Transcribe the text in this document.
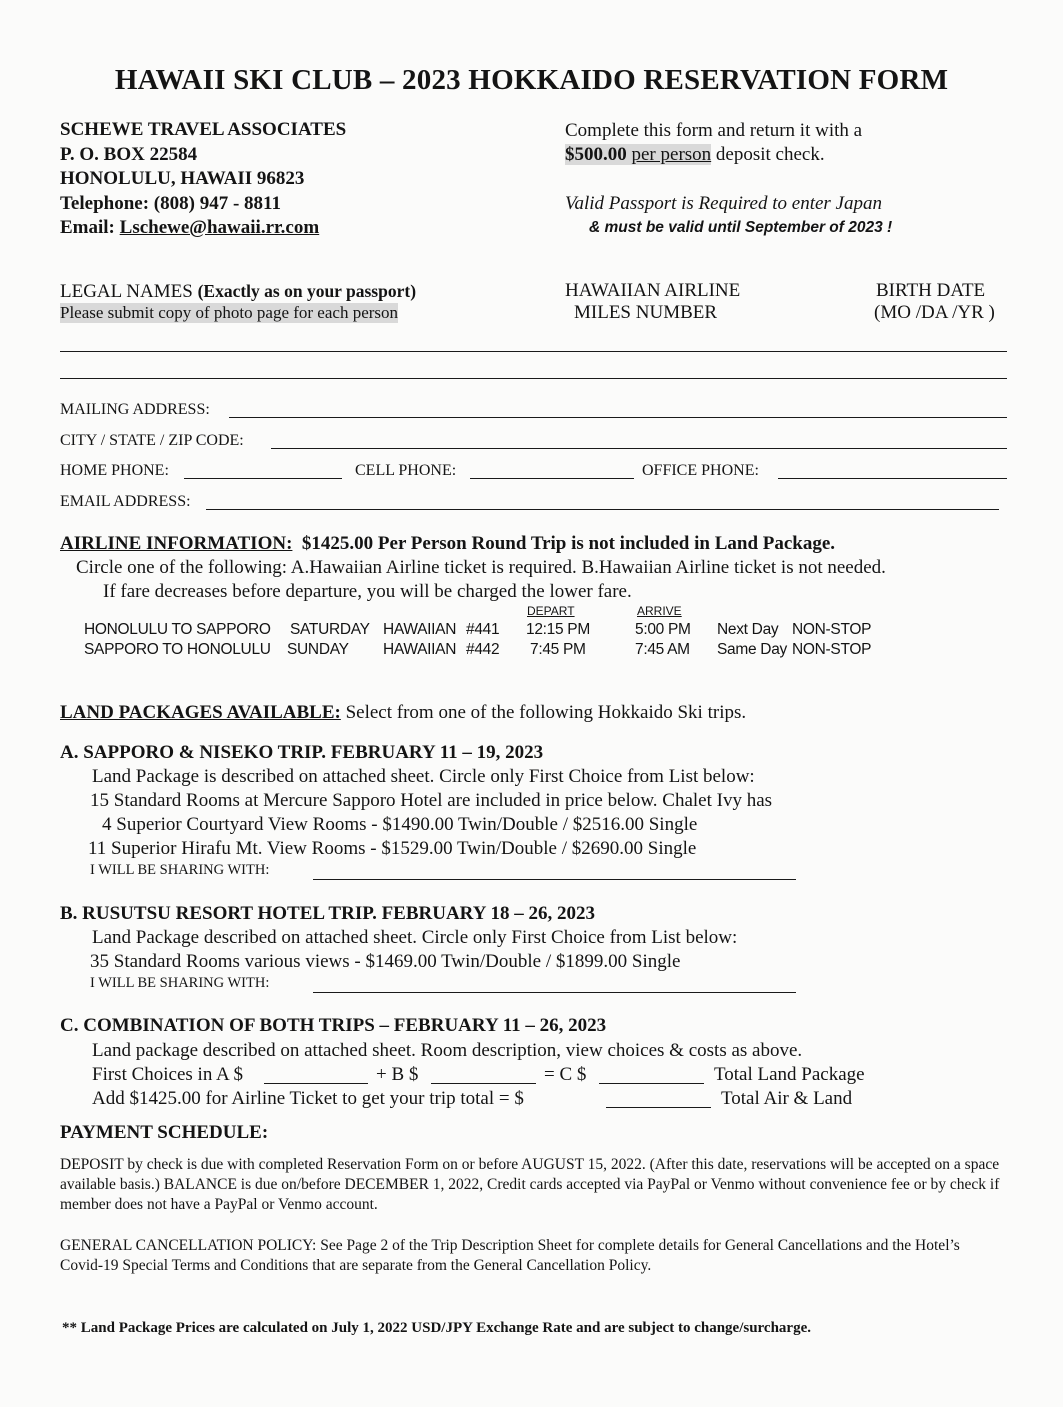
HAWAII SKI CLUB – 2023 HOKKAIDO RESERVATION FORM
SCHEWE TRAVEL ASSOCIATES
P. O. BOX 22584
HONOLULU, HAWAII 96823
Telephone: (808) 947 - 8811
Email: Lschewe@hawaii.rr.com
Complete this form and return it with a
$500.00 per person deposit check.
Valid Passport is Required to enter Japan
& must be valid until September of 2023 !
LEGAL NAMES (Exactly as on your passport)
Please submit copy of photo page for each person
HAWAIIAN AIRLINE
MILES NUMBER
BIRTH DATE
(MO /DA /YR )
MAILING ADDRESS:
CITY / STATE / ZIP CODE:
HOME PHONE:	CELL PHONE:	OFFICE PHONE:
EMAIL ADDRESS:
AIRLINE INFORMATION: $1425.00 Per Person Round Trip is not included in Land Package.
Circle one of the following: A.Hawaiian Airline ticket is required. B.Hawaiian Airline ticket is not needed.
If fare decreases before departure, you will be charged the lower fare.
DEPART	ARRIVE
HONOLULU TO SAPPORO SATURDAY HAWAIIAN #441 12:15 PM	5:00 PM Next Day NON-STOP
SAPPORO TO HONOLULU SUNDAY HAWAIIAN #442 7:45 PM	7:45 AM Same Day NON-STOP
LAND PACKAGES AVAILABLE: Select from one of the following Hokkaido Ski trips.
A. SAPPORO & NISEKO TRIP. FEBRUARY 11 – 19, 2023
Land Package is described on attached sheet. Circle only First Choice from List below:
15 Standard Rooms at Mercure Sapporo Hotel are included in price below. Chalet Ivy has
4 Superior Courtyard View Rooms - $1490.00 Twin/Double / $2516.00 Single
11 Superior Hirafu Mt. View Rooms - $1529.00 Twin/Double / $2690.00 Single
I WILL BE SHARING WITH:
B. RUSUTSU RESORT HOTEL TRIP. FEBRUARY 18 – 26, 2023
Land Package described on attached sheet. Circle only First Choice from List below:
35 Standard Rooms various views - $1469.00 Twin/Double / $1899.00 Single
I WILL BE SHARING WITH:
C. COMBINATION OF BOTH TRIPS – FEBRUARY 11 – 26, 2023
Land package described on attached sheet. Room description, view choices & costs as above.
First Choices in A $	+ B $	= C $	Total Land Package
Add $1425.00 for Airline Ticket to get your trip total = $	Total Air & Land
PAYMENT SCHEDULE:
DEPOSIT by check is due with completed Reservation Form on or before AUGUST 15, 2022. (After this date, reservations will be accepted on a space available basis.) BALANCE is due on/before DECEMBER 1, 2022, Credit cards accepted via PayPal or Venmo without convenience fee or by check if member does not have a PayPal or Venmo account.
GENERAL CANCELLATION POLICY: See Page 2 of the Trip Description Sheet for complete details for General Cancellations and the Hotel’s Covid-19 Special Terms and Conditions that are separate from the General Cancellation Policy.
** Land Package Prices are calculated on July 1, 2022 USD/JPY Exchange Rate and are subject to change/surcharge.
